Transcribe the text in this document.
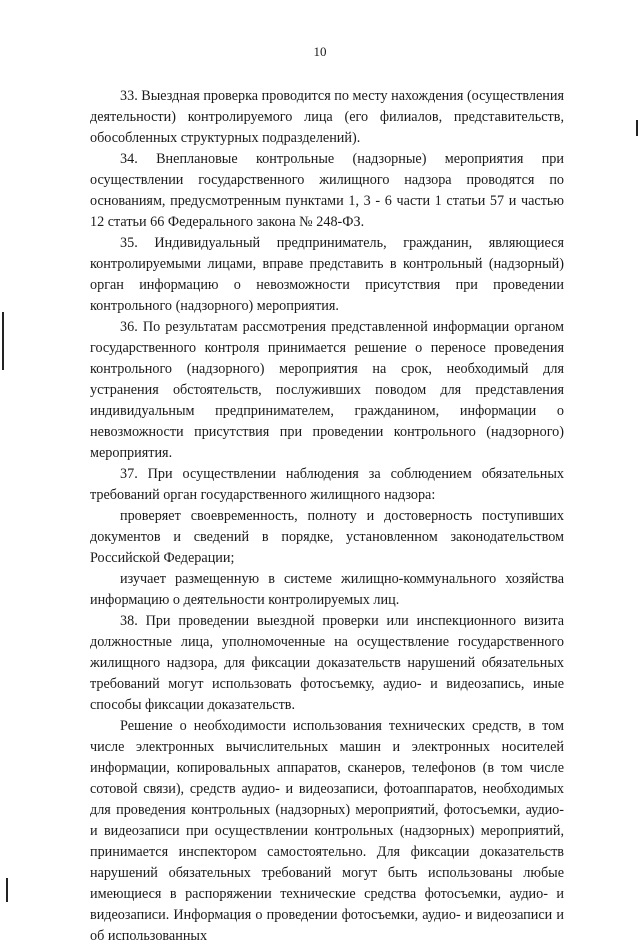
10

33. Выездная проверка проводится по месту нахождения (осуществления деятельности) контролируемого лица (его филиалов, представительств, обособленных структурных подразделений).

34. Внеплановые контрольные (надзорные) мероприятия при осуществлении государственного жилищного надзора проводятся по основаниям, предусмотренным пунктами 1, 3 - 6 части 1 статьи 57 и частью 12 статьи 66 Федерального закона № 248-ФЗ.

35. Индивидуальный предприниматель, гражданин, являющиеся контролируемыми лицами, вправе представить в контрольный (надзорный) орган информацию о невозможности присутствия при проведении контрольного (надзорного) мероприятия.

36. По результатам рассмотрения представленной информации органом государственного контроля принимается решение о переносе проведения контрольного (надзорного) мероприятия на срок, необходимый для устранения обстоятельств, послуживших поводом для представления индивидуальным предпринимателем, гражданином, информации о невозможности присутствия при проведении контрольного (надзорного) мероприятия.

37. При осуществлении наблюдения за соблюдением обязательных требований орган государственного жилищного надзора:

проверяет своевременность, полноту и достоверность поступивших документов и сведений в порядке, установленном законодательством Российской Федерации;

изучает размещенную в системе жилищно-коммунального хозяйства информацию о деятельности контролируемых лиц.

38. При проведении выездной проверки или инспекционного визита должностные лица, уполномоченные на осуществление государственного жилищного надзора, для фиксации доказательств нарушений обязательных требований могут использовать фотосъемку, аудио- и видеозапись, иные способы фиксации доказательств.

Решение о необходимости использования технических средств, в том числе электронных вычислительных машин и электронных носителей информации, копировальных аппаратов, сканеров, телефонов (в том числе сотовой связи), средств аудио- и видеозаписи, фотоаппаратов, необходимых для проведения контрольных (надзорных) мероприятий, фотосъемки, аудио- и видеозаписи при осуществлении контрольных (надзорных) мероприятий, принимается инспектором самостоятельно. Для фиксации доказательств нарушений обязательных требований могут быть использованы любые имеющиеся в распоряжении технические средства фотосъемки, аудио- и видеозаписи. Информация о проведении фотосъемки, аудио- и видеозаписи и об использованных
